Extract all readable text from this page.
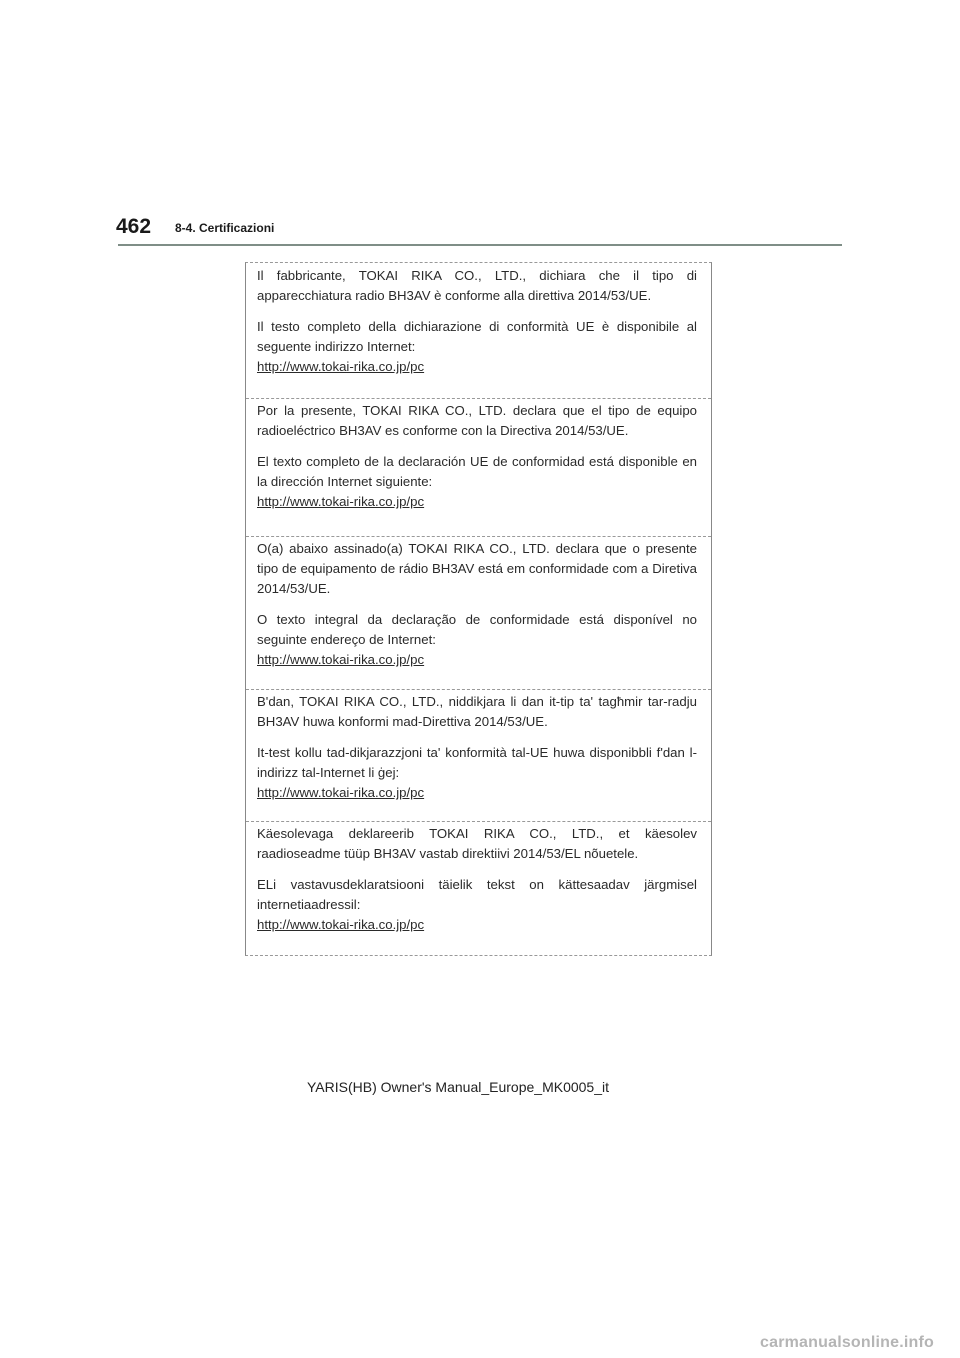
462 8-4. Certificazioni

Il fabbricante, TOKAI RIKA CO., LTD., dichiara che il tipo di apparecchiatura radio BH3AV è conforme alla direttiva 2014/53/UE.

Il testo completo della dichiarazione di conformità UE è disponibile al seguente indirizzo Internet:

http://www.tokai-rika.co.jp/pc

Por la presente, TOKAI RIKA CO., LTD. declara que el tipo de equipo radioeléctrico BH3AV es conforme con la Directiva 2014/53/UE.

El texto completo de la declaración UE de conformidad está disponible en la dirección Internet siguiente:

http://www.tokai-rika.co.jp/pc

O(a) abaixo assinado(a) TOKAI RIKA CO., LTD. declara que o presente tipo de equipamento de rádio BH3AV está em conformidade com a Diretiva 2014/53/UE.

O texto integral da declaração de conformidade está disponível no seguinte endereço de Internet:

http://www.tokai-rika.co.jp/pc

B'dan, TOKAI RIKA CO., LTD., niddikjara li dan it-tip ta' tagħmir tar-radju BH3AV huwa konformi mad-Direttiva 2014/53/UE.

It-test kollu tad-dikjarazzjoni ta' konformità tal-UE huwa disponibbli f'dan l-indirizz tal-Internet li ġej:

http://www.tokai-rika.co.jp/pc

Käesolevaga deklareerib TOKAI RIKA CO., LTD., et käesolev raadioseadme tüüp BH3AV vastab direktiivi 2014/53/EL nõuetele.

ELi vastavusdeklaratsiooni täielik tekst on kättesaadav järgmisel internetiaadressil:

http://www.tokai-rika.co.jp/pc
YARIS(HB) Owner's Manual_Europe_MK0005_it
carmanualsonline.info
